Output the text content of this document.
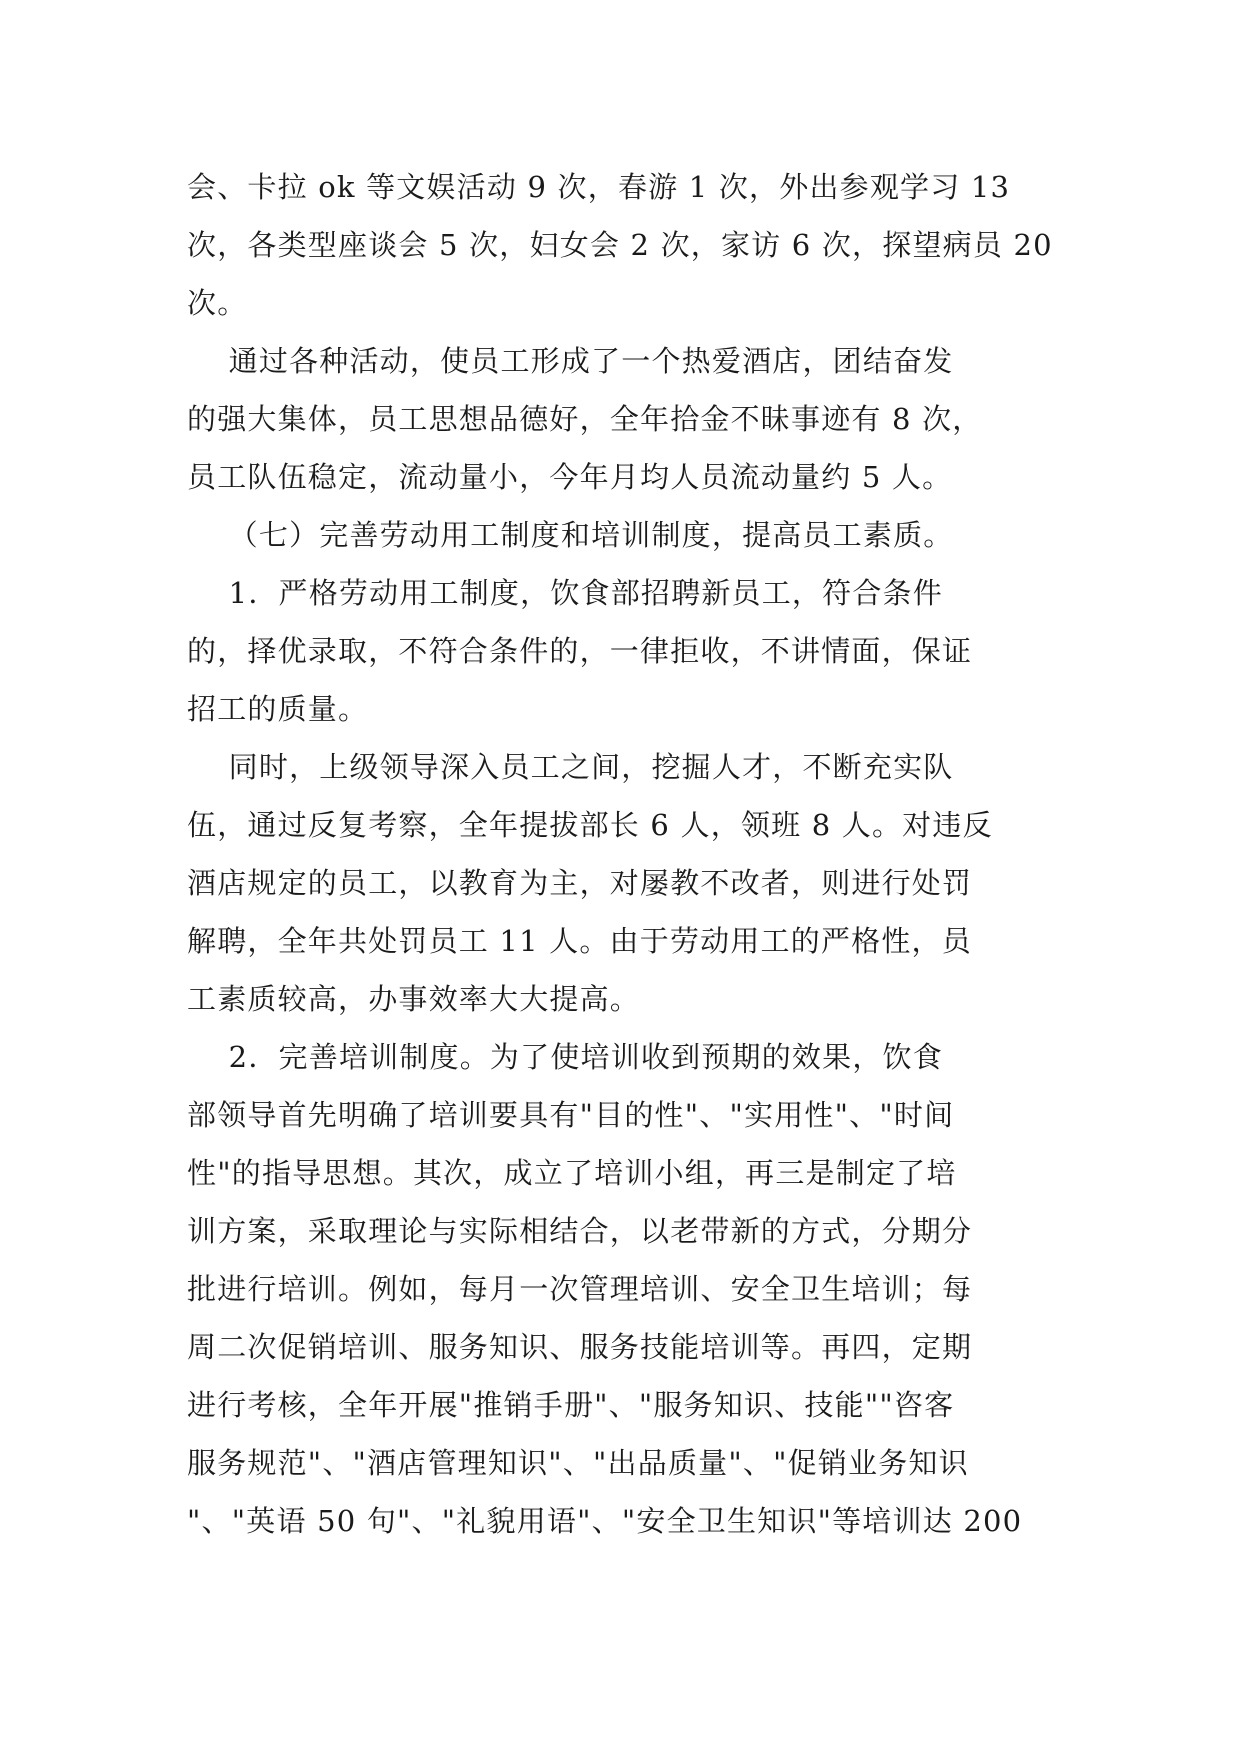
会、卡拉 ok 等文娱活动 9 次，春游 1 次，外出参观学习 13
次，各类型座谈会 5 次，妇女会 2 次，家访 6 次，探望病员 20
次。
通过各种活动，使员工形成了一个热爱酒店，团结奋发
的强大集体，员工思想品德好，全年拾金不昧事迹有 8 次，
员工队伍稳定，流动量小，今年月均人员流动量约 5 人。
（七）完善劳动用工制度和培训制度，提高员工素质。
1．严格劳动用工制度，饮食部招聘新员工，符合条件
的，择优录取，不符合条件的，一律拒收，不讲情面，保证
招工的质量。
同时，上级领导深入员工之间，挖掘人才，不断充实队
伍，通过反复考察，全年提拔部长 6 人，领班 8 人。对违反
酒店规定的员工，以教育为主，对屡教不改者，则进行处罚
解聘，全年共处罚员工 11 人。由于劳动用工的严格性，员
工素质较高，办事效率大大提高。
2．完善培训制度。为了使培训收到预期的效果，饮食
部领导首先明确了培训要具有"目的性"、"实用性"、"时间
性"的指导思想。其次，成立了培训小组，再三是制定了培
训方案，采取理论与实际相结合，以老带新的方式，分期分
批进行培训。例如，每月一次管理培训、安全卫生培训；每
周二次促销培训、服务知识、服务技能培训等。再四，定期
进行考核，全年开展"推销手册"、"服务知识、技能""咨客
服务规范"、"酒店管理知识"、"出品质量"、"促销业务知识
"、"英语 50 句"、"礼貌用语"、"安全卫生知识"等培训达 200
